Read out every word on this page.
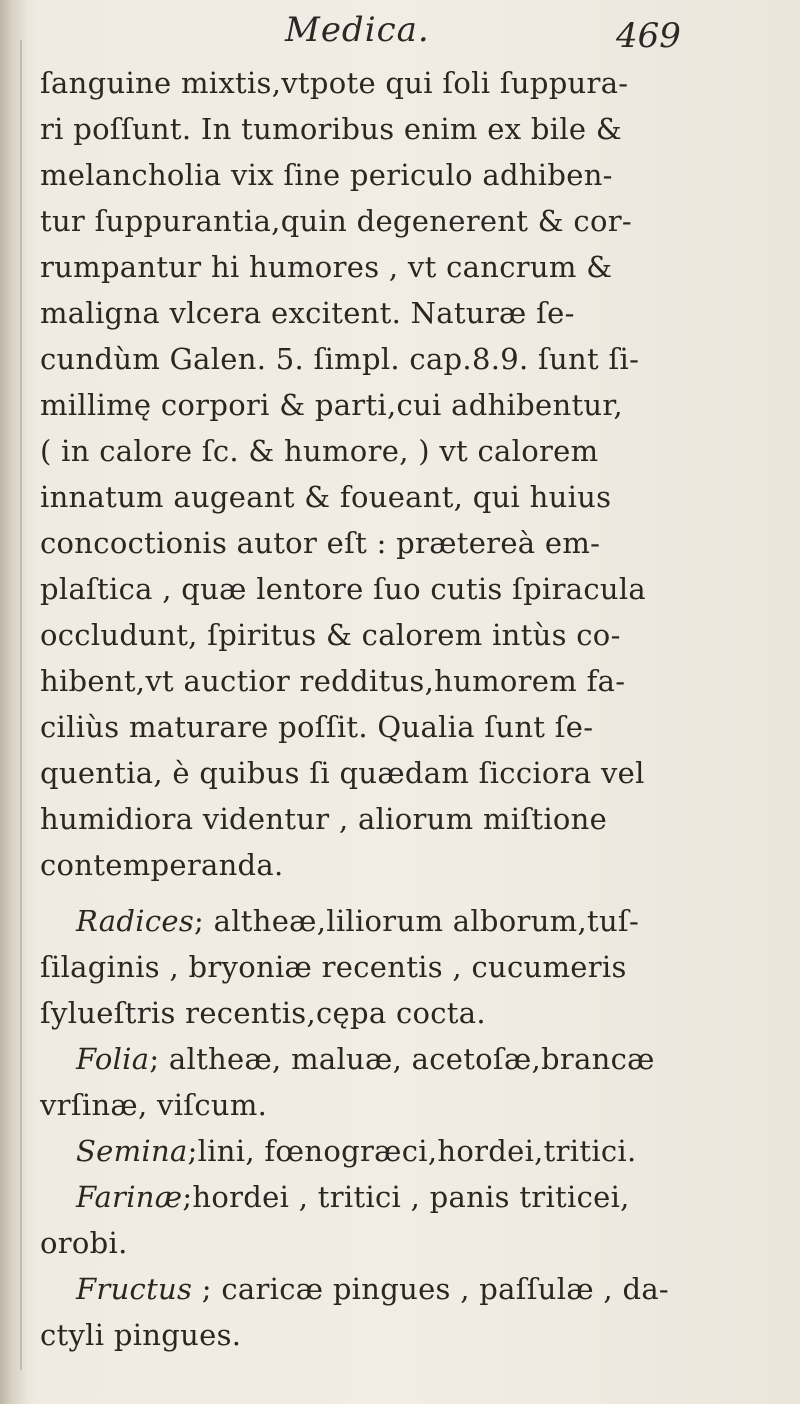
Medica.	469
ſanguine mixtis,vtpote qui ſoli ſuppura-
ri poſſunt. In tumoribus enim ex bile &
melancholia vix ſine periculo adhiben-
tur ſuppurantia,quin degenerent & cor-
rumpantur hi humores , vt cancrum &
maligna vlcera excitent. Naturæ ſe-
cundùm Galen. 5. ſimpl. cap.8.9. ſunt ſi-
millimę corpori & parti,cui adhibentur,
( in calore ſc. & humore, ) vt calorem
innatum augeant & foueant, qui huius
concoctionis autor eſt : prætereà em-
plaſtica , quæ lentore ſuo cutis ſpiracula
occludunt, ſpiritus & calorem intùs co-
hibent,vt auctior redditus,humorem fa-
ciliùs maturare poſſit. Qualia ſunt ſe-
quentia, è quibus ſi quædam ſicciora vel
humidiora videntur , aliorum miſtione
contemperanda.
Radices; altheæ,liliorum alborum,tuſ-
ſilaginis , bryoniæ recentis , cucumeris
ſylueſtris recentis,cępa cocta.
Folia; altheæ, maluæ, acetoſæ,brancæ
vrſinæ, viſcum.
Semina;lini, fœnogræci,hordei,tritici.
Farinæ;hordei , tritici , panis triticei,
orobi.
Fructus ; caricæ pingues , paſſulæ , da-
ctyli pingues.
